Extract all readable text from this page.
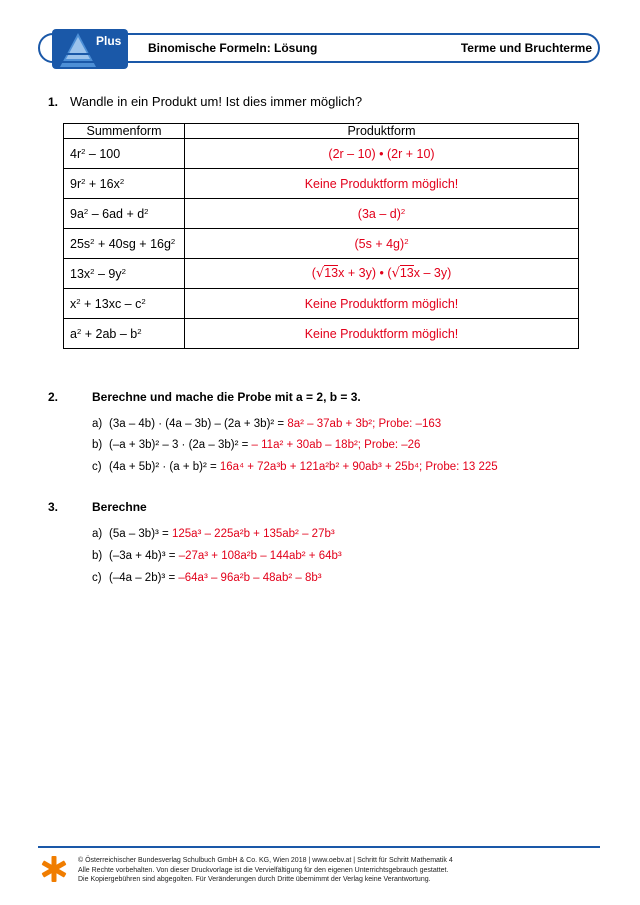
Plus Binomische Formeln: Lösung	Terme und Bruchterme
1. Wandle in ein Produkt um! Ist dies immer möglich?
Summenform	Produktform
$4r^2 - 100$	(2r – 10) • (2r + 10)
$9r^2 + 16x^2$	Keine Produktform möglich!
$9a^2 - 6ad + d^2$	(3a – d)$^2$
$25s^2 + 40sg + 16g^2$	$(5s + 4g)^2$
$13x^2 - 9y^2$	(√13x + 3y) • (√13x – 3y)
$x^2 + 13xc - c^2$	Keine Produktform möglich!
$a^2 + 2ab - b^2$	Keine Produktform möglich!
2.	Berechne und mache die Probe mit a = 2, b = 3.
a) (3a – 4b) · (4a – 3b) – (2a + 3b)² = 8a² – 37ab + 3b²; Probe: –163
b) (–a + 3b)² – 3 · (2a – 3b)² = – 11a² + 30ab – 18b²; Probe: –26
c) (4a + 5b)² · (a + b)² = 16a⁴ + 72a³b + 121a²b² + 90ab³ + 25b⁴; Probe: 13 225
3.	Berechne
a) (5a – 3b)³ = 125a³ – 225a²b + 135ab² – 27b³
b) (–3a + 4b)³ = –27a³ + 108a²b – 144ab² + 64b³
c) (–4a – 2b)³ = –64a³ – 96a²b – 48ab² – 8b³
© Österreichischer Bundesverlag Schulbuch GmbH & Co. KG, Wien 2018 | www.oebv.at | Schritt für Schritt Mathematik 4
Alle Rechte vorbehalten. Von dieser Druckvorlage ist die Vervielfältigung für den eigenen Unterrichtsgebrauch gestattet.
Die Kopiergebühren sind abgegolten. Für Veränderungen durch Dritte übernimmt der Verlag keine Verantwortung.
